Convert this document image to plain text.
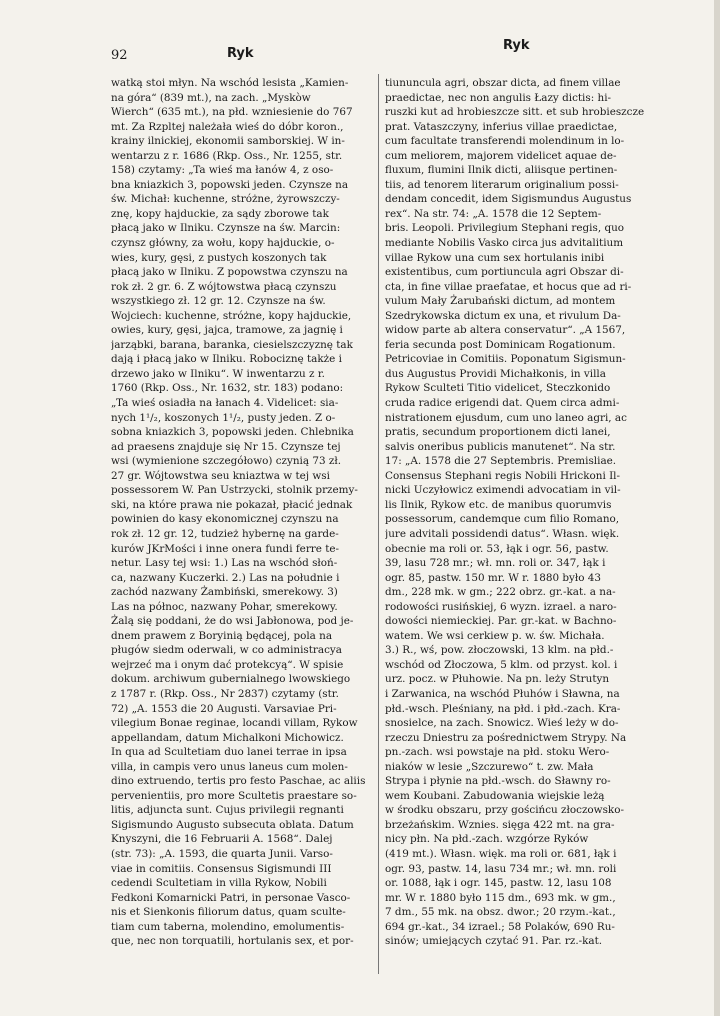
92	Ryk
Ryk
watką stoi młyn. Na wschód lesista „Kamien-
na góra“ (839 mt.), na zach. „Myskòw
Wierch“ (635 mt.), na płd. wzniesienie do 767
mt. Za Rzpltej należała wieś do dóbr koron.,
krainy ilnickiej, ekonomii samborskiej. W in-
wentarzu z r. 1686 (Rkp. Oss., Nr. 1255, str.
158) czytamy: „Ta wieś ma łanów 4, z oso-
bna kniazkich 3, popowski jeden. Czynsze na
św. Michał: kuchenne, stróżne, żyrowszczy-
znę, kopy hajduckie, za sądy zborowe tak
płacą jako w Ilniku. Czynsze na św. Marcin:
czynsz główny, za wołu, kopy hajduckie, o-
wies, kury, gęsi, z pustych koszonych tak
płacą jako w Ilniku. Z popowstwa czynszu na
rok zł. 2 gr. 6. Z wójtowstwa płacą czynszu
wszystkiego zł. 12 gr. 12. Czynsze na św.
Wojciech: kuchenne, stróżne, kopy hajduckie,
owies, kury, gęsi, jajca, tramowe, za jagnię i
jarząbki, barana, baranka, ciesielszczyznę tak
dają i płacą jako w Ilniku. Robociznę także i
drzewo jako w Ilniku“. W inwentarzu z r.
1760 (Rkp. Oss., Nr. 1632, str. 183) podano:
„Ta wieś osiadła na łanach 4. Videlicet: sia-
nych 1¹/₂, koszonych 1¹/₂, pusty jeden. Z o-
sobna kniazkich 3, popowski jeden. Chlebnika
ad praesens znajduje się Nr 15. Czynsze tej
wsi (wymienione szczegółowo) czynią 73 zł.
27 gr. Wójtowstwa seu kniaztwa w tej wsi
possessorem W. Pan Ustrzycki, stolnik przemy-
ski, na które prawa nie pokazał, płacić jednak
powinien do kasy ekonomicznej czynszu na
rok zł. 12 gr. 12, tudzież hybernę na garde-
kurów JKrMości i inne onera fundi ferre te-
netur. Lasy tej wsi: 1.) Las na wschód słoń-
ca, nazwany Kuczerki. 2.) Las na południe i
zachód nazwany Żambiński, smerekowy. 3)
Las na północ, nazwany Pohar, smerekowy.
Żalą się poddani, że do wsi Jabłonowa, pod je-
dnem prawem z Boryinią będącej, pola na
pługów siedm oderwali, w co administracya
wejrzeć ma i onym dać protekcyą“. W spisie
dokum. archiwum gubernialnego lwowskiego
z 1787 r. (Rkp. Oss., Nr 2837) czytamy (str.
72) „A. 1553 die 20 Augusti. Varsaviae Pri-
vilegium Bonae reginae, locandi villam, Rykow
appellandam, datum Michalkoni Michowicz.
In qua ad Scultetiam duo lanei terrae in ipsa
villa, in campis vero unus laneus cum molen-
dino extruendo, tertis pro festo Paschae, ac aliis
pervenientiis, pro more Scultetis praestare so-
litis, adjuncta sunt. Cujus privilegii regnanti
Sigismundo Augusto subsecuta oblata. Datum
Knyszyni, die 16 Februarii A. 1568“. Dalej
(str. 73): „A. 1593, die quarta Junii. Varso-
viae in comitiis. Consensus Sigismundi III
cedendi Scultetiam in villa Rykow, Nobili
Fedkoni Komarnicki Patri, in personae Vasco-
nis et Sienkonis filiorum datus, quam scultе-
tiam cum taberna, molendino, emolumentis-
que, nec non torquatili, hortulanis sex, et por-
tiununcula agri, obszar dicta, ad finem villae
praedictae, nec non angulis Łazy dictis: hi-
ruszki kut ad hrobieszcze sitt. et sub hrobieszcze
prat. Vataszczyny, inferius villae praedictae,
cum facultate transferendi molendinum in lo-
cum meliorem, majorem videlicet aquae de-
fluxum, flumini Ilnik dicti, aliisque pertinen-
tiis, ad tenorem literarum originalium possi-
dendam concedit, idem Sigismundus Augustus
rex“. Na str. 74: „A. 1578 die 12 Septem-
bris. Leopoli. Privilegium Stephani regis, quo
mediante Nobilis Vasko circa jus advitalitium
villae Rykow una cum sex hortulanis inibi
existentibus, cum portiuncula agri Obszar di-
cta, in fine villae praefatae, et hocus que ad ri-
vulum Mały Żarubański dictum, ad montem
Szedrykowska dictum ex una, et rivulum Da-
widow parte ab altera conservatur“. „A 1567,
feria secunda post Dominicam Rogationum.
Petricoviae in Comitiis. Poponatum Sigismun-
dus Augustus Providi Michałkonis, in villa
Rykow Sculteti Titio videlicet, Steczkonido
cruda radice erigendi dat. Quem circa admi-
nistrationem ejusdum, cum uno laneo agri, ac
pratis, secundum proportionem dicti lanei,
salvis oneribus publicis manutenet“. Na str.
17: „A. 1578 die 27 Septembris. Premisliae.
Consensus Stephani regis Nobili Hrickoni Il-
nicki Uczyłowicz eximendi advocatiam in vil-
lis Ilnik, Rykow etc. de manibus quorumvis
possessorum, candemque cum filio Romano,
jure advitali possidendi datus“. Własn. więk.
obecnie ma roli or. 53, łąk i ogr. 56, pastw.
39, lasu 728 mr.; wł. mn. roli or. 347, łąk i
ogr. 85, pastw. 150 mr. W r. 1880 było 43
dm., 228 mk. w gm.; 222 obrz. gr.-kat. a na-
rodowości rusińskiej, 6 wyzn. izrael. a naro-
dowości niemieckiej. Par. gr.-kat. w Bachno-
watem. We wsi cerkiew p. w. św. Michała.
3.) R., wś, pow. złoczowski, 13 klm. na płd.-
wschód od Złoczowa, 5 klm. od przyst. kol. i
urz. pocz. w Płuhowie. Na pn. leży Strutyn
i Zarwanica, na wschód Płuhów i Sławna, na
płd.-wsch. Pleśniany, na płd. i płd.-zach. Kra-
snosielce, na zach. Snowicz. Wieś leży w do-
rzeczu Dniestru za pośrednictwem Strypy. Na
pn.-zach. wsi powstaje na płd. stoku Wero-
niaków w lesie „Szczurewo“ t. zw. Mała
Strypa i płynie na płd.-wsch. do Sławny ro-
wem Koubani. Zabudowania wiejskie leżą
w środku obszaru, przy gościńcu złoczowsko-
brzeżańskim. Wznies. sięga 422 mt. na gra-
nicy płn. Na płd.-zach. wzgórze Ryków
(419 mt.). Własn. więk. ma roli or. 681, łąk i
ogr. 93, pastw. 14, lasu 734 mr.; wł. mn. roli
or. 1088, łąk i ogr. 145, pastw. 12, lasu 108
mr. W r. 1880 było 115 dm., 693 mk. w gm.,
7 dm., 55 mk. na obsz. dwor.; 20 rzym.-kat.,
694 gr.-kat., 34 izrael.; 58 Polaków, 690 Ru-
sinów; umiejących czytać 91. Par. rz.-kat.
